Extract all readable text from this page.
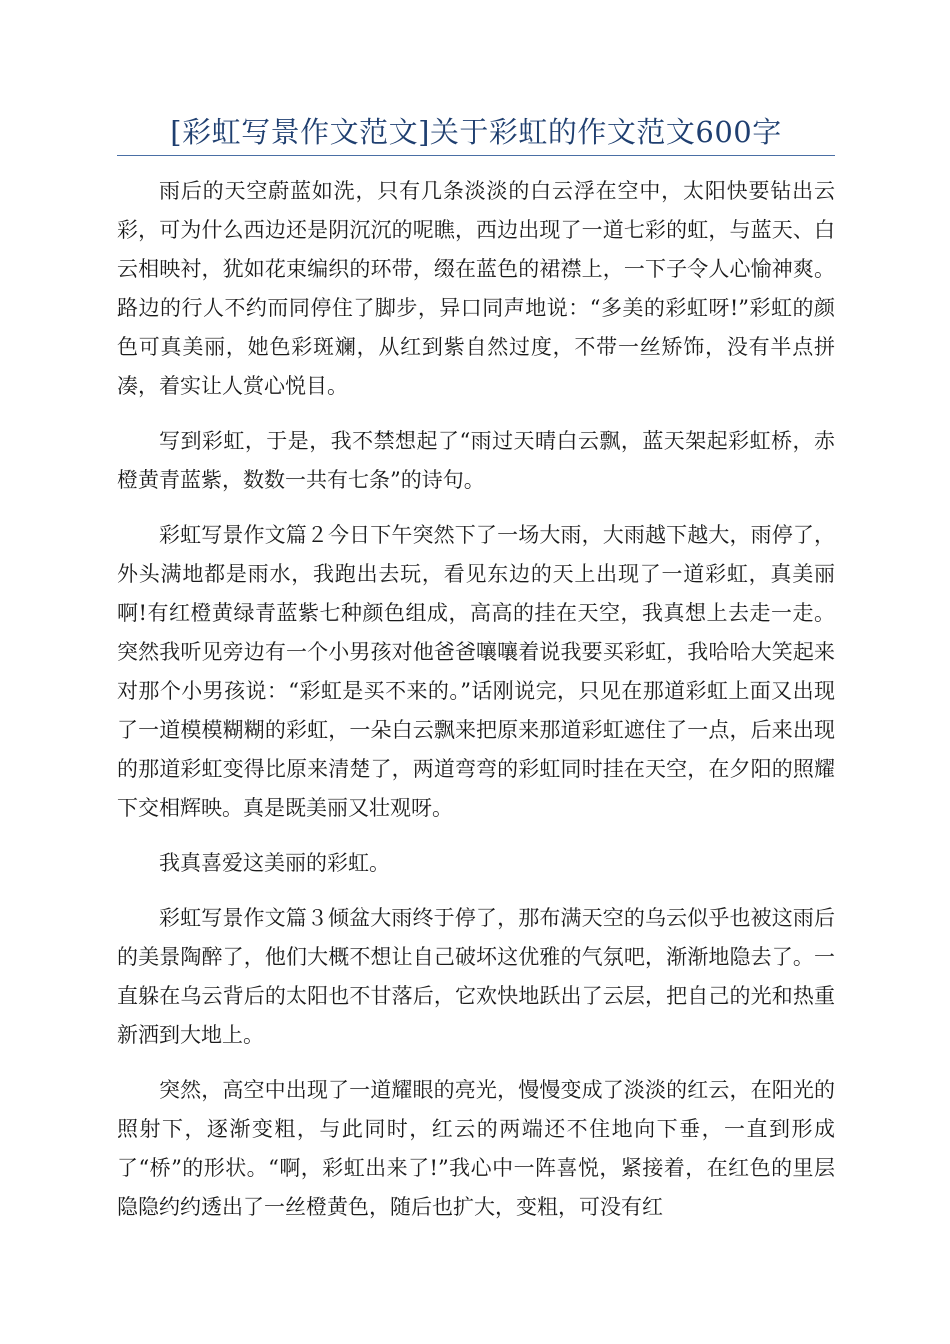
[彩虹写景作文范文]关于彩虹的作文范文600字

雨后的天空蔚蓝如洗，只有几条淡淡的白云浮在空中，太阳快要钻出云彩，可为什么西边还是阴沉沉的呢瞧，西边出现了一道七彩的虹，与蓝天、白云相映衬，犹如花束编织的环带，缀在蓝色的裙襟上，一下子令人心愉神爽。路边的行人不约而同停住了脚步，异口同声地说：“多美的彩虹呀!”彩虹的颜色可真美丽，她色彩斑斓，从红到紫自然过度，不带一丝矫饰，没有半点拼凑，着实让人赏心悦目。

写到彩虹，于是，我不禁想起了“雨过天晴白云飘，蓝天架起彩虹桥，赤橙黄青蓝紫，数数一共有七条”的诗句。

彩虹写景作文篇２今日下午突然下了一场大雨，大雨越下越大，雨停了，外头满地都是雨水，我跑出去玩，看见东边的天上出现了一道彩虹，真美丽啊!有红橙黄绿青蓝紫七种颜色组成，高高的挂在天空，我真想上去走一走。突然我听见旁边有一个小男孩对他爸爸嚷嚷着说我要买彩虹，我哈哈大笑起来对那个小男孩说：“彩虹是买不来的。”话刚说完，只见在那道彩虹上面又出现了一道模模糊糊的彩虹，一朵白云飘来把原来那道彩虹遮住了一点，后来出现的那道彩虹变得比原来清楚了，两道弯弯的彩虹同时挂在天空，在夕阳的照耀下交相辉映。真是既美丽又壮观呀。

我真喜爱这美丽的彩虹。

彩虹写景作文篇３倾盆大雨终于停了，那布满天空的乌云似乎也被这雨后的美景陶醉了，他们大概不想让自己破坏这优雅的气氛吧，渐渐地隐去了。一直躲在乌云背后的太阳也不甘落后，它欢快地跃出了云层，把自己的光和热重新洒到大地上。

突然，高空中出现了一道耀眼的亮光，慢慢变成了淡淡的红云，在阳光的照射下，逐渐变粗，与此同时，红云的两端还不住地向下垂，一直到形成了“桥”的形状。“啊，彩虹出来了!”我心中一阵喜悦，紧接着，在红色的里层隐隐约约透出了一丝橙黄色，随后也扩大，变粗，可没有红
